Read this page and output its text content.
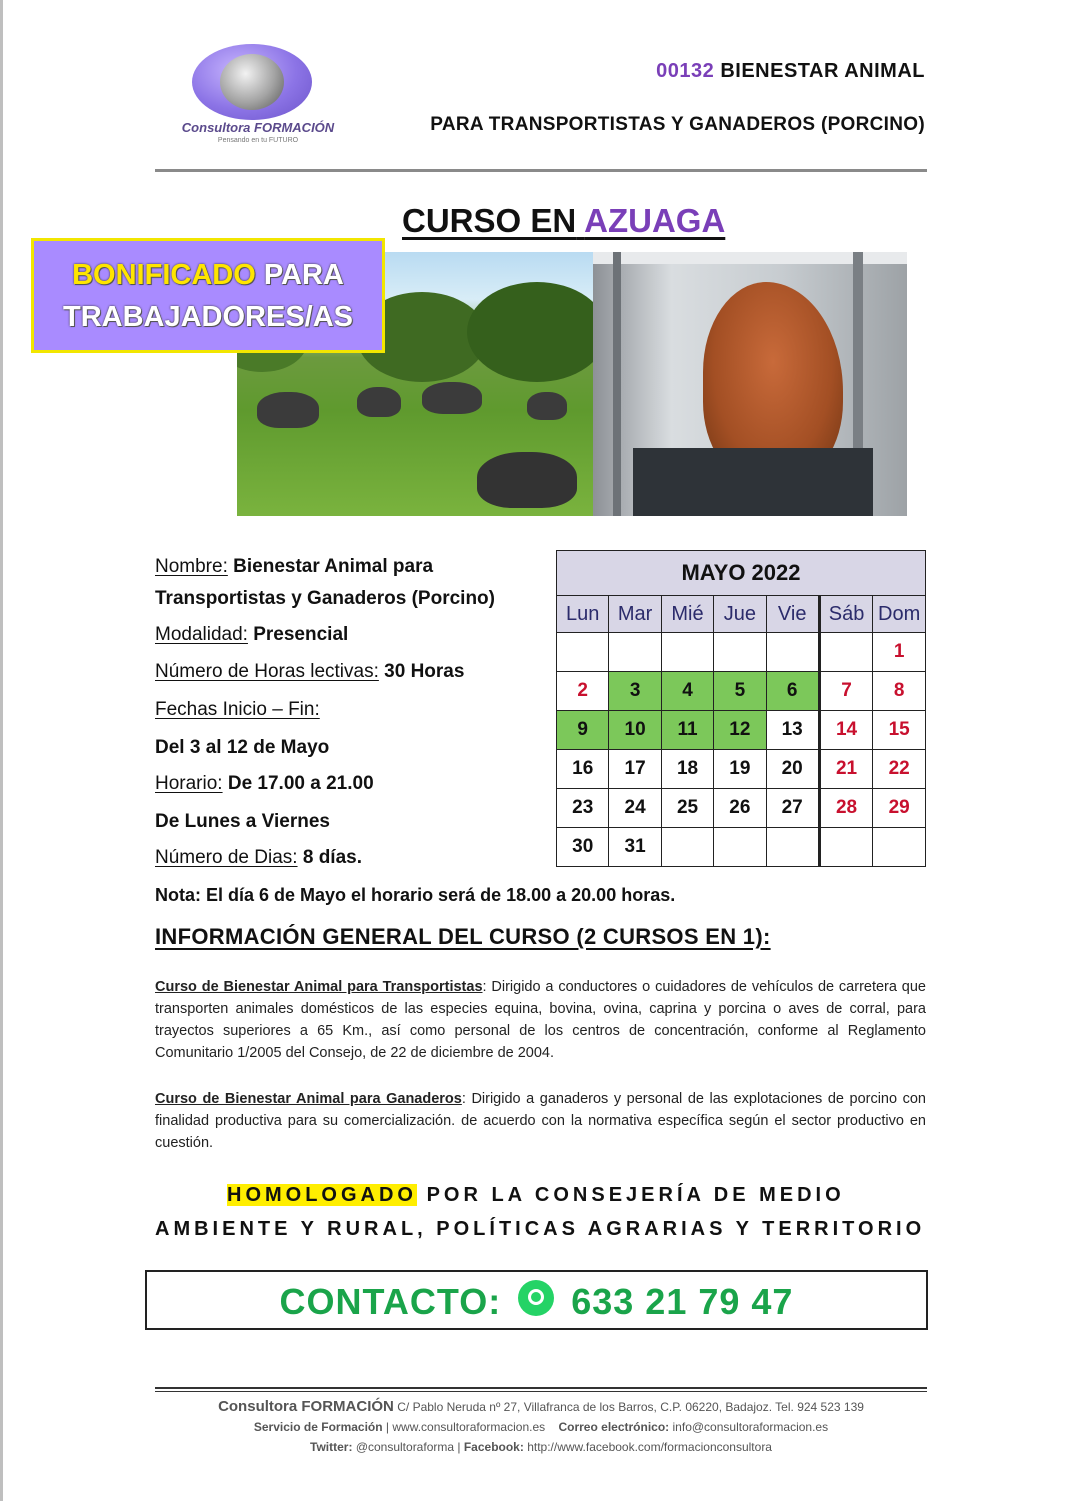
Consultora FORMACIÓN
Pensando en tu FUTURO
00132 BIENESTAR ANIMAL
PARA TRANSPORTISTAS Y GANADEROS (PORCINO)
CURSO EN AZUAGA
BONIFICADO PARA
TRABAJADORES/AS
Nombre: Bienestar Animal para
Transportistas y Ganaderos (Porcino)
Modalidad: Presencial
Número de Horas lectivas: 30 Horas
Fechas Inicio – Fin:
Del 3 al 12 de Mayo
Horario: De 17.00 a 21.00
De Lunes a Viernes
Número de Dias: 8 días.
MAYO 2022						
Lun	Mar	Mié	Jue	Vie	Sáb	Dom
						1
2	3	4	5	6	7	8
9	10	11	12	13	14	15
16	17	18	19	20	21	22
23	24	25	26	27	28	29
30	31					
Nota: El día 6 de Mayo el horario será de 18.00 a 20.00 horas.
INFORMACIÓN GENERAL DEL CURSO (2 CURSOS EN 1):
Curso de Bienestar Animal para Transportistas: Dirigido a conductores o cuidadores de vehículos de carretera que transporten animales domésticos de las especies equina, bovina, ovina, caprina y porcina o aves de corral, para trayectos superiores a 65 Km., así como personal de los centros de concentración, conforme al Reglamento Comunitario 1/2005 del Consejo, de 22 de diciembre de 2004.
Curso de Bienestar Animal para Ganaderos: Dirigido a ganaderos y personal de las explotaciones de porcino con finalidad productiva para su comercialización. de acuerdo con la normativa específica según el sector productivo en cuestión.
HOMOLOGADO POR LA CONSEJERÍA DE MEDIO
AMBIENTE Y RURAL, POLÍTICAS AGRARIAS Y TERRITORIO
CONTACTO: 633 21 79 47
Consultora FORMACIÓN C/ Pablo Neruda nº 27, Villafranca de los Barros, C.P. 06220, Badajoz. Tel. 924 523 139
Servicio de Formación | www.consultoraformacion.es Correo electrónico: info@consultoraformacion.es
Twitter: @consultoraforma | Facebook: http://www.facebook.com/formacionconsultora
